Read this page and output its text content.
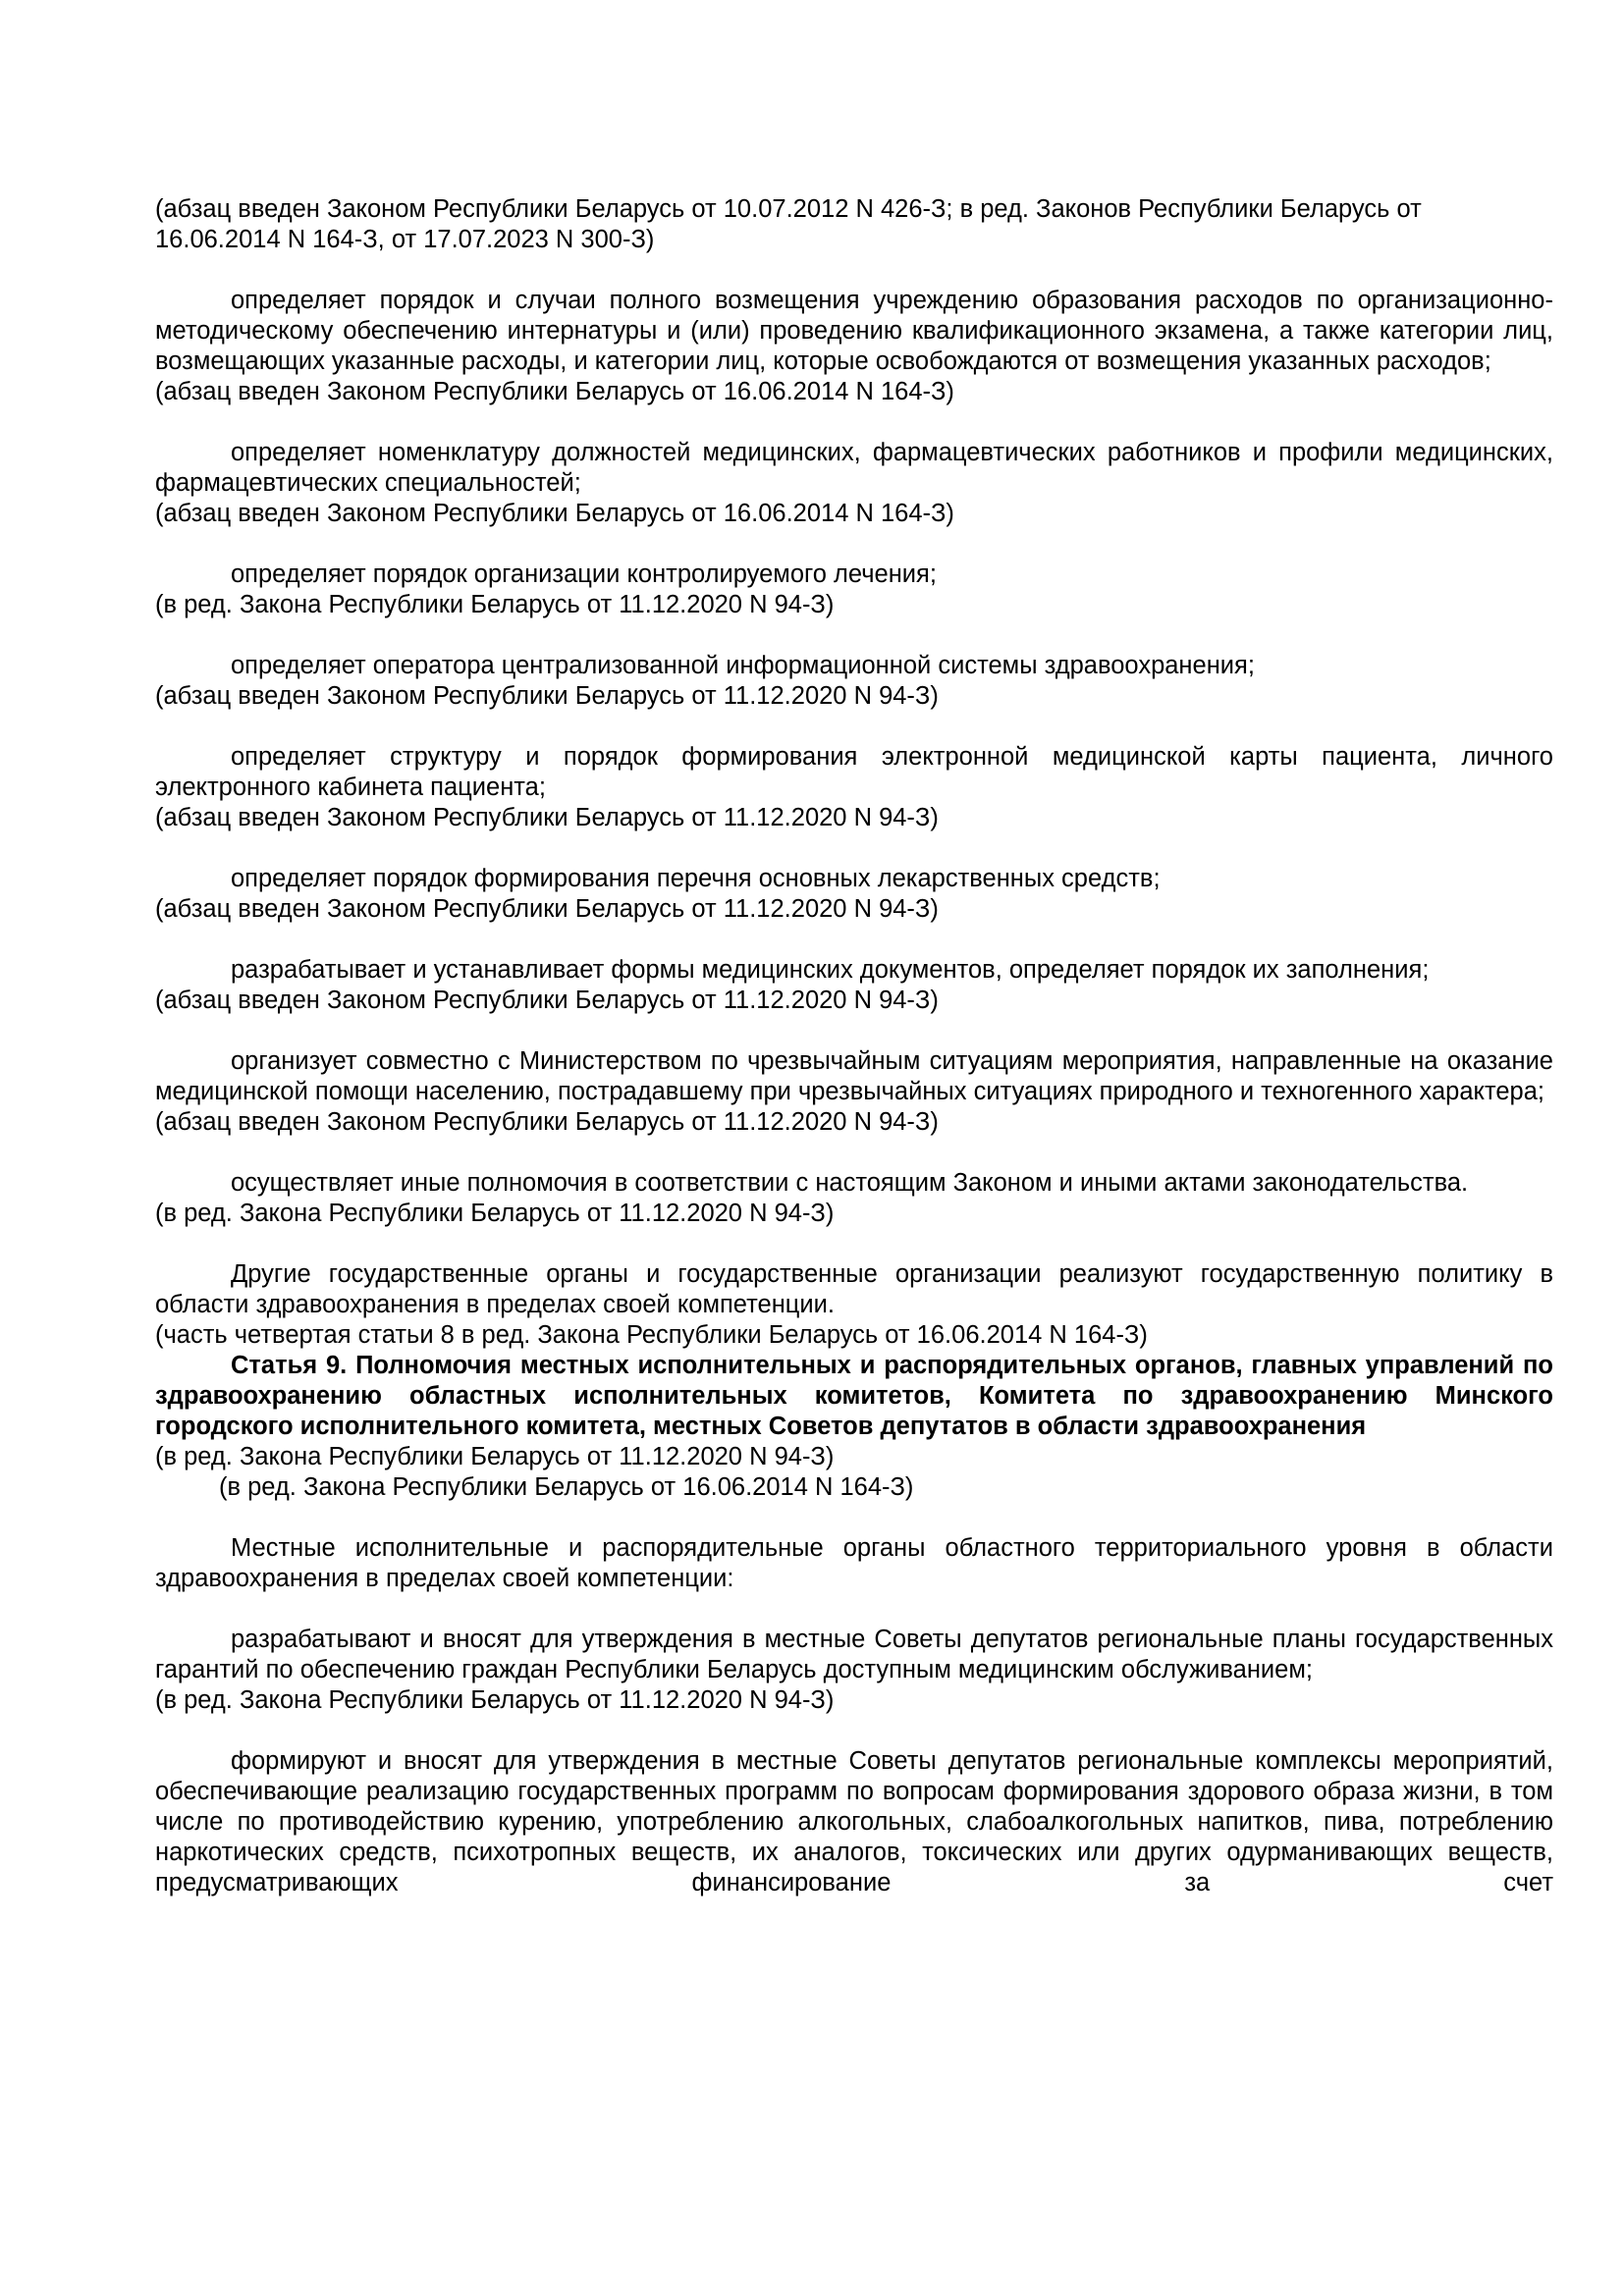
(абзац введен Законом Республики Беларусь от 10.07.2012 N 426-З; в ред. Законов Республики Беларусь от 16.06.2014 N 164-З, от 17.07.2023 N 300-З)

определяет порядок и случаи полного возмещения учреждению образования расходов по организационно-методическому обеспечению интернатуры и (или) проведению квалификационного экзамена, а также категории лиц, возмещающих указанные расходы, и категории лиц, которые освобождаются от возмещения указанных расходов;

(абзац введен Законом Республики Беларусь от 16.06.2014 N 164-З)

определяет номенклатуру должностей медицинских, фармацевтических работников и профили медицинских, фармацевтических специальностей;

(абзац введен Законом Республики Беларусь от 16.06.2014 N 164-З)

определяет порядок организации контролируемого лечения;

(в ред. Закона Республики Беларусь от 11.12.2020 N 94-З)

определяет оператора централизованной информационной системы здравоохранения;

(абзац введен Законом Республики Беларусь от 11.12.2020 N 94-З)

определяет структуру и порядок формирования электронной медицинской карты пациента, личного электронного кабинета пациента;

(абзац введен Законом Республики Беларусь от 11.12.2020 N 94-З)

определяет порядок формирования перечня основных лекарственных средств;

(абзац введен Законом Республики Беларусь от 11.12.2020 N 94-З)

разрабатывает и устанавливает формы медицинских документов, определяет порядок их заполнения;

(абзац введен Законом Республики Беларусь от 11.12.2020 N 94-З)

организует совместно с Министерством по чрезвычайным ситуациям мероприятия, направленные на оказание медицинской помощи населению, пострадавшему при чрезвычайных ситуациях природного и техногенного характера;

(абзац введен Законом Республики Беларусь от 11.12.2020 N 94-З)

осуществляет иные полномочия в соответствии с настоящим Законом и иными актами законодательства.

(в ред. Закона Республики Беларусь от 11.12.2020 N 94-З)

Другие государственные органы и государственные организации реализуют государственную политику в области здравоохранения в пределах своей компетенции.

(часть четвертая статьи 8 в ред. Закона Республики Беларусь от 16.06.2014 N 164-З)

Статья 9. Полномочия местных исполнительных и распорядительных органов, главных управлений по здравоохранению областных исполнительных комитетов, Комитета по здравоохранению Минского городского исполнительного комитета, местных Советов депутатов в области здравоохранения

(в ред. Закона Республики Беларусь от 11.12.2020 N 94-З)

(в ред. Закона Республики Беларусь от 16.06.2014 N 164-З)

Местные исполнительные и распорядительные органы областного территориального уровня в области здравоохранения в пределах своей компетенции:

разрабатывают и вносят для утверждения в местные Советы депутатов региональные планы государственных гарантий по обеспечению граждан Республики Беларусь доступным медицинским обслуживанием;

(в ред. Закона Республики Беларусь от 11.12.2020 N 94-З)

формируют и вносят для утверждения в местные Советы депутатов региональные комплексы мероприятий, обеспечивающие реализацию государственных программ по вопросам формирования здорового образа жизни, в том числе по противодействию курению, употреблению алкогольных, слабоалкогольных напитков, пива, потреблению наркотических средств, психотропных веществ, их аналогов, токсических или других одурманивающих веществ, предусматривающих финансирование за счет
